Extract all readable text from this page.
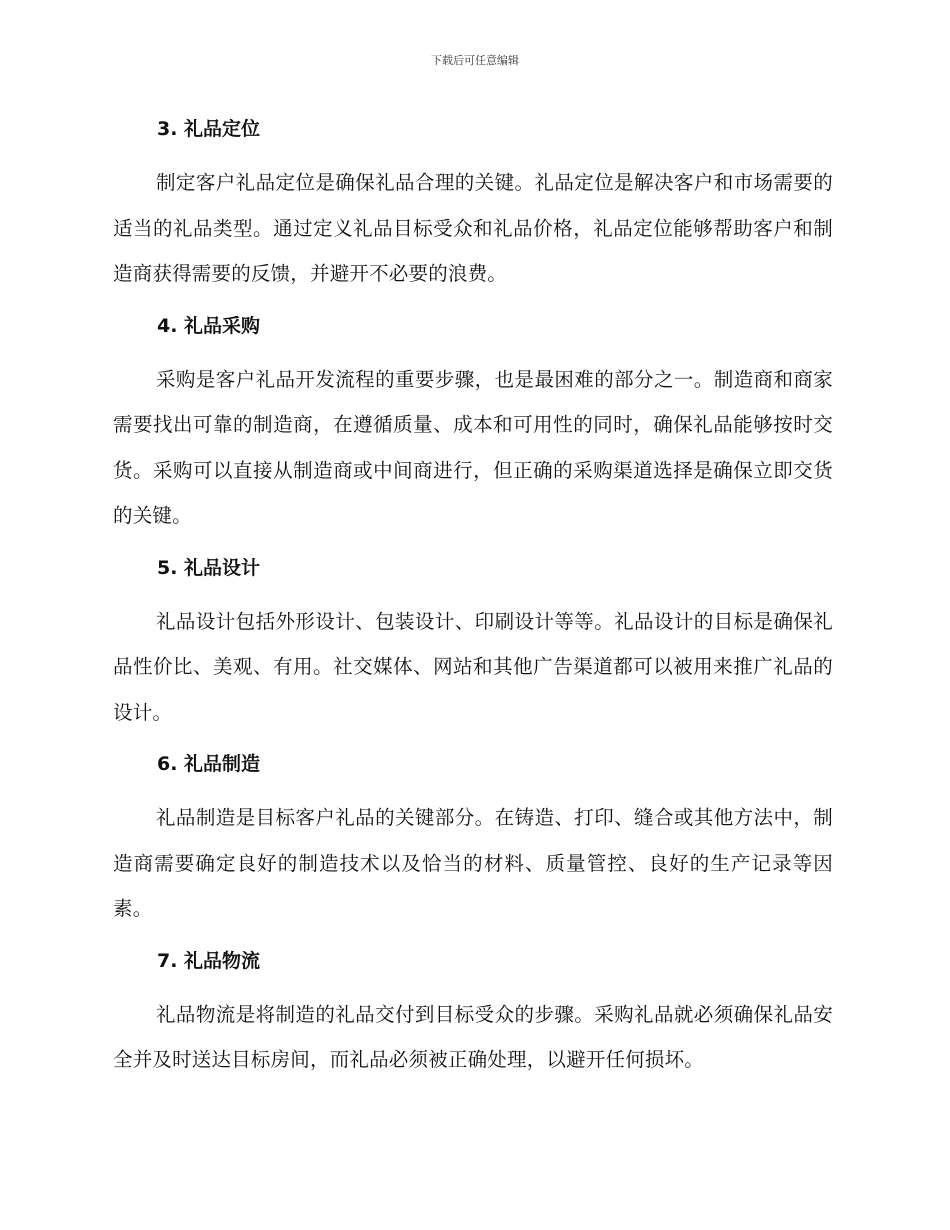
下载后可任意编辑
3. 礼品定位

制定客户礼品定位是确保礼品合理的关键。礼品定位是解决客户和市场需要的适当的礼品类型。通过定义礼品目标受众和礼品价格，礼品定位能够帮助客户和制造商获得需要的反馈，并避开不必要的浪费。

4. 礼品采购

采购是客户礼品开发流程的重要步骤，也是最困难的部分之一。制造商和商家需要找出可靠的制造商，在遵循质量、成本和可用性的同时，确保礼品能够按时交货。采购可以直接从制造商或中间商进行，但正确的采购渠道选择是确保立即交货的关键。

5. 礼品设计

礼品设计包括外形设计、包装设计、印刷设计等等。礼品设计的目标是确保礼品性价比、美观、有用。社交媒体、网站和其他广告渠道都可以被用来推广礼品的设计。

6. 礼品制造

礼品制造是目标客户礼品的关键部分。在铸造、打印、缝合或其他方法中，制造商需要确定良好的制造技术以及恰当的材料、质量管控、良好的生产记录等因素。

7. 礼品物流

礼品物流是将制造的礼品交付到目标受众的步骤。采购礼品就必须确保礼品安全并及时送达目标房间，而礼品必须被正确处理，以避开任何损坏。
